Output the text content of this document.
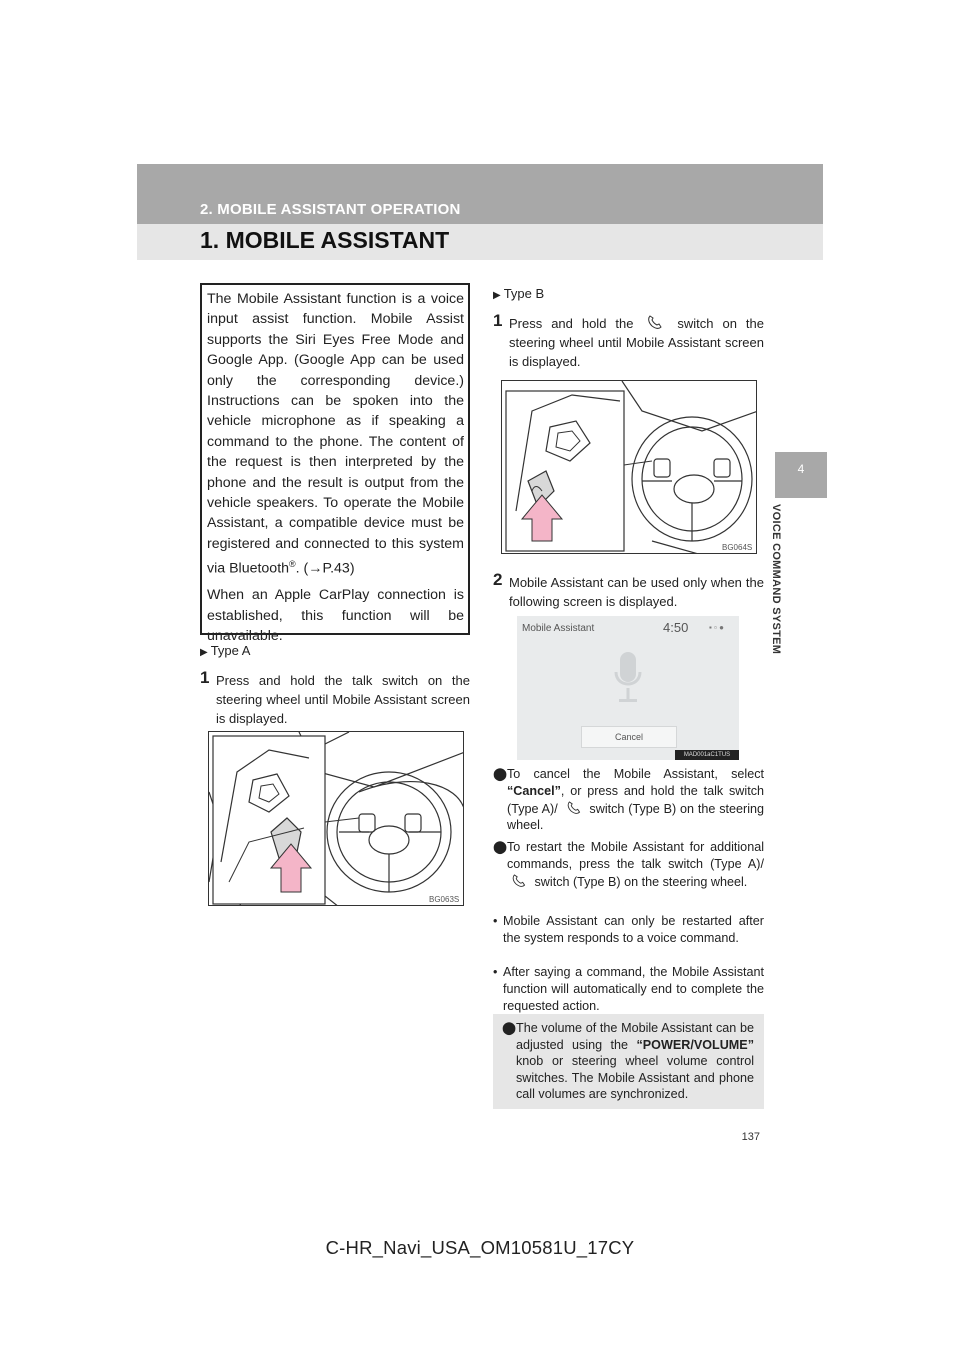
2. MOBILE ASSISTANT OPERATION
1. MOBILE ASSISTANT
4
VOICE COMMAND SYSTEM

The Mobile Assistant function is a voice input assist function. Mobile Assist supports the Siri Eyes Free Mode and Google App. (Google App can be used only the corresponding device.) Instructions can be spoken into the vehicle microphone as if speaking a command to the phone. The content of the request is then interpreted by the phone and the result is output from the vehicle speakers. To operate the Mobile Assistant, a compatible device must be registered and connected to this system via Bluetooth®. (→P.43)

When an Apple CarPlay connection is established, this function will be unavailable.

▶ Type A
1 Press and hold the talk switch on the steering wheel until Mobile Assistant screen is displayed.
BG063S
▶ Type B
1 Press and hold the	switch on the steering wheel until Mobile Assistant screen is displayed.
BG064S
2 Mobile Assistant can be used only when the following screen is displayed.
Mobile Assistant	4:50	▪ ▫ ●
Cancel
MAD001aC1TUS
⬤ To cancel the Mobile Assistant, select “Cancel”, or press and hold the talk switch (Type A)/	switch (Type B) on the steering wheel.
⬤ To restart the Mobile Assistant for additional commands, press the talk switch (Type A)/  switch (Type B) on the steering wheel.
• Mobile Assistant can only be restarted after the system responds to a voice command.
• After saying a command, the Mobile Assistant function will automatically end to complete the requested action.
⬤ The volume of the Mobile Assistant can be adjusted using the “POWER/VOLUME” knob or steering wheel volume control switches. The Mobile Assistant and phone call volumes are synchronized.
137
C-HR_Navi_USA_OM10581U_17CY
